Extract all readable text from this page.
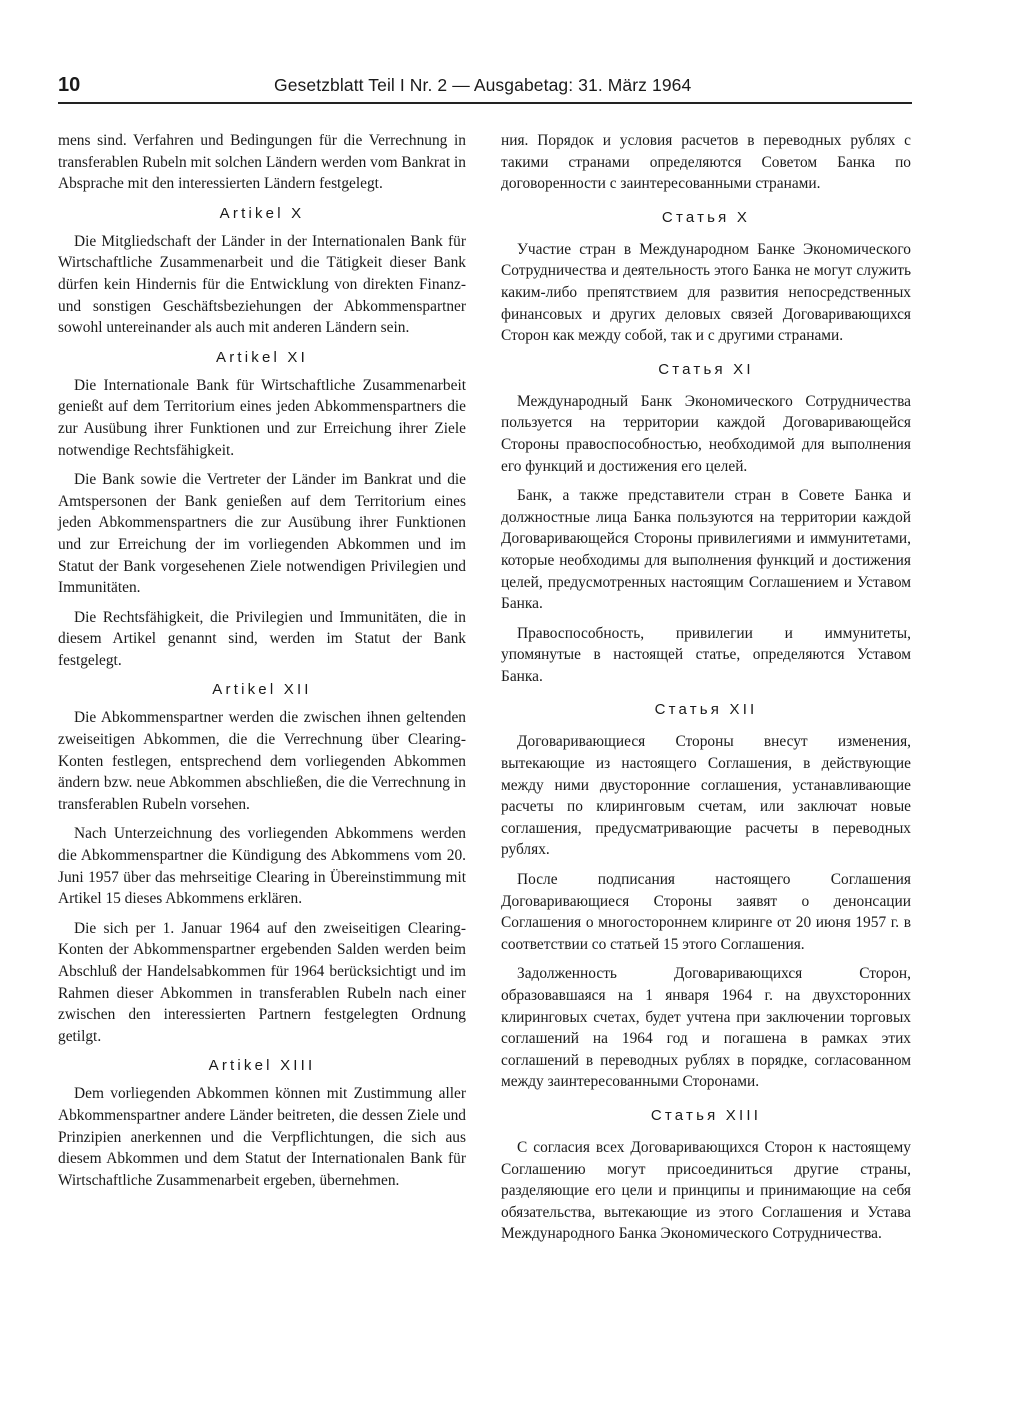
10	Gesetzblatt Teil I Nr. 2 — Ausgabetag: 31. März 1964

mens sind. Verfahren und Bedingungen für die Verrechnung in transferablen Rubeln mit solchen Ländern werden vom Bankrat in Absprache mit den interessierten Ländern festgelegt.

Artikel X

Die Mitgliedschaft der Länder in der Internationalen Bank für Wirtschaftliche Zusammenarbeit und die Tätigkeit dieser Bank dürfen kein Hindernis für die Entwicklung von direkten Finanz- und sonstigen Geschäftsbeziehungen der Abkommenspartner sowohl untereinander als auch mit anderen Ländern sein.

Artikel XI

Die Internationale Bank für Wirtschaftliche Zusammenarbeit genießt auf dem Territorium eines jeden Abkommenspartners die zur Ausübung ihrer Funktionen und zur Erreichung ihrer Ziele notwendige Rechtsfähigkeit.

Die Bank sowie die Vertreter der Länder im Bankrat und die Amtspersonen der Bank genießen auf dem Territorium eines jeden Abkommenspartners die zur Ausübung ihrer Funktionen und zur Erreichung der im vorliegenden Abkommen und im Statut der Bank vorgesehenen Ziele notwendigen Privilegien und Immunitäten.

Die Rechtsfähigkeit, die Privilegien und Immunitäten, die in diesem Artikel genannt sind, werden im Statut der Bank festgelegt.

Artikel XII

Die Abkommenspartner werden die zwischen ihnen geltenden zweiseitigen Abkommen, die die Verrechnung über Clearing-Konten festlegen, entsprechend dem vorliegenden Abkommen ändern bzw. neue Abkommen abschließen, die die Verrechnung in transferablen Rubeln vorsehen.

Nach Unterzeichnung des vorliegenden Abkommens werden die Abkommenspartner die Kündigung des Abkommens vom 20. Juni 1957 über das mehrseitige Clearing in Übereinstimmung mit Artikel 15 dieses Abkommens erklären.

Die sich per 1. Januar 1964 auf den zweiseitigen Clearing-Konten der Abkommenspartner ergebenden Salden werden beim Abschluß der Handelsabkommen für 1964 berücksichtigt und im Rahmen dieser Abkommen in transferablen Rubeln nach einer zwischen den interessierten Partnern festgelegten Ordnung getilgt.

Artikel XIII

Dem vorliegenden Abkommen können mit Zustimmung aller Abkommenspartner andere Länder beitreten, die dessen Ziele und Prinzipien anerkennen und die Verpflichtungen, die sich aus diesem Abkommen und dem Statut der Internationalen Bank für Wirtschaftliche Zusammenarbeit ergeben, übernehmen.

ния. Порядок и условия расчетов в переводных рублях с такими странами определяются Советом Банка по договоренности с заинтересованными странами.

Статья X

Участие стран в Международном Банке Экономического Сотрудничества и деятельность этого Банка не могут служить каким-либо препятствием для развития непосредственных финансовых и других деловых связей Договаривающихся Сторон как между собой, так и с другими странами.

Статья XI

Международный Банк Экономического Сотрудничества пользуется на территории каждой Договаривающейся Стороны правоспособностью, необходимой для выполнения его функций и достижения его целей.

Банк, а также представители стран в Совете Банка и должностные лица Банка пользуются на территории каждой Договаривающейся Стороны привилегиями и иммунитетами, которые необходимы для выполнения функций и достижения целей, предусмотренных настоящим Соглашением и Уставом Банка.

Правоспособность, привилегии и иммунитеты, упомянутые в настоящей статье, определяются Уставом Банка.

Статья XII

Договаривающиеся Стороны внесут изменения, вытекающие из настоящего Соглашения, в действующие между ними двусторонние соглашения, устанавливающие расчеты по клиринговым счетам, или заключат новые соглашения, предусматривающие расчеты в переводных рублях.

После подписания настоящего Соглашения Договаривающиеся Стороны заявят о денонсации Соглашения о многостороннем клиринге от 20 июня 1957 г. в соответствии со статьей 15 этого Соглашения.

Задолженность Договаривающихся Сторон, образовавшаяся на 1 января 1964 г. на двухсторонних клиринговых счетах, будет учтена при заключении торговых соглашений на 1964 год и погашена в рамках этих соглашений в переводных рублях в порядке, согласованном между заинтересованными Сторонами.

Статья XIII

С согласия всех Договаривающихся Сторон к настоящему Соглашению могут присоединиться другие страны, разделяющие его цели и принципы и принимающие на себя обязательства, вытекающие из этого Соглашения и Устава Международного Банка Экономического Сотрудничества.
